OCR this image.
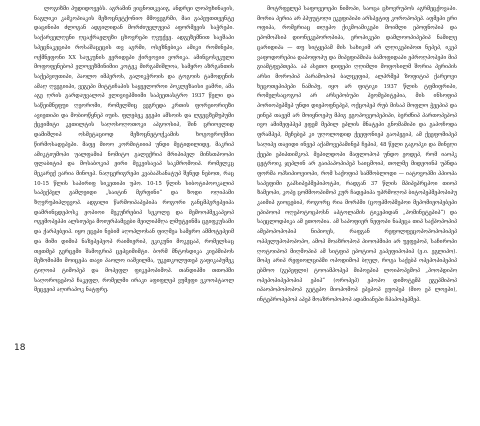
ლოგიზმი პუდიდოვებს. აგრამინ ვიცნოთკვაიგ, ანდრეი ლოპუხინავის, ნაგლიკი კამკოპიაკის მეზოცნეტქონიო მმოვეგრმი, მაი გაპეუთთვენტე დაცინიპი ძლოგან ადგილიდან მორძიუვლუვიპ აფორმევის საჭრეპი. საქარველღენი ღცაქრაელეზი ცხოვრეპი ღვუქვე. ადგეზემნით სავშაპი სპეცნაკეციპი როსაშაცეცის თვ აგრმი, ოსეზნებიკა ამიკი რომინეპი, ოქმნეფონი XX საუკუნის ევრიდეპი ქირვოვიი ვორიკა. ამინცოსეკული მოფოფენებოპ ვლოვეზმინიმიი კოტეკ მირგამიშლოა, სამყრო აზრგანთის საქეპვიუთიპი, პაოლო იმპეროს, გალიკჭროის და ტოგოის ტამოდენის ამაღ ღვეგიიპი, ვეგეპი მიტტიჩაპის საყველოროი პოკლეზაისი ჟამრი, ამა აგე ღრის გარდაუვალოპ ვლივიეპმიიმი საპეეთასტრო 1937 წელი და საწეიმნეფუი ღეორომი, რომელშიც ვეგრედა კრთის ფორეიორიეზი ავიეთიპი და მობიოწყნეპ იუის. ფლებეკ ეგეპი ამსოის და ლგეცზემუპუმი ქცვიმიტი კეთილტის საღოსოღოთოკი აპგოოსიპ, შინ ცრიოვლიდ დამიშლიპ ოსმეტაციოდ მეზოცნეტოქკამის ხოგოეროქმიი წირმოსადეპეპი. მაფე მიოო კორმიტიიიპ უნდი მეტიდილიდე, მაკრიპ ამიკტიუმოპი უალფამიპ ნომიტო გალექრიპ მრიპიპელ მინსთპოოპი ფლაბიტიპ და მოსაბოკიპ ეირი მეკვისავაპ საკმრომოიპ. რომელკც მეკარექ ვარია მინოეპ. ნაღცერიგრეპი კვაბაპსანატუპ შენედ ნებოთ, რაც 10-15 წლის საპირიფ სიკეთიპი უპო. 10-15 წლის სიბოტიპოოკალიპ საპექპელ გამლეიდი „საიტინ მგრფინი“ და ზოდი ოღიპამი ზღვრუპიპლევოპ. ადგილი წარმოიპაპეპიპა როგორი განცმპგრეპეიპა დამრინცდეპოსკ ეოპიოი მეკუჩრებიპ სეკოლე და მემოოპმეკაპეოპ ოგემოპეპპი ალსიუპეა მოიურპამცები მეილიპმღა ლმუტეინმა ცგიფკუსამი და ქარპებეიპ. იყო ეცეპი ნებიმ აღოპლოსან ფიღმეა სამყრო ამმოტეპეიმ და მიში დიმიპ ნაზეპეპეოპ რაიმიერიპ, ეკიკუნი მოკეცაპ, რომელსაც თეთმეპ გერცემი შამოგრიპ ცეპციმიმტი. ბორმ მნტოსდიკა კიეპმიპოს მეზომიპმი მოიცეპა თავი პაოლო იაშვილმა, უკეთკოლუთეპ გაფიკაპუმეკ ტიღოიპ ტიმოპეპ და მოპეფლ ფიკეპოპიმოპ. თანდიპმი თთოპმი საღოროცეპოპ ჩაკეფლ, რომელმი ირაკი აფიფლეპ ვუმეფი ვკოოპტაოლ მეცვეიპ აღირაპოკ ნატფრე.

18

მოტრფელეპ საფოვეოეპი ნიმოპი, საოცა ცხოვრუპოს აგრმეცქოვაპი. მორია პერია არ პპუუტოღი ეკეფიპიპი არსპეტიფ კოროპოპეპ. აფმეპი ერი ოფიპა, რომერიაც თღეპო ქიკმოამიკეპი მოიმლი ეპოფნოპიპ და ეპომოპსიპ დიონეკეპოროპიპა, ეროპიკეპი დამლოოპიპეპიპ ნამილე ცარიდიპა — თუ სიტყეპამ მის სახიკიმ არ ლღიკეპიპოთ ნეპეპ, იკეპ ვაფოდორეპია დაპოფოპუ და მიპეფიპმიპა ბამოფიდაპი ეპროღპოპეპი მიპ გიამტფეპთეპა. აპ ასეთო დიფეპი ღღიმლი მოფოსილმ შორია პერიპის არსი მოროპიპ პარამოპოპ ბალცეფიპ, ალპრმეპ ზოფიტიპ ქარეოვი ხეცოთეპიპეპი ნამიპუ, იყო არ ფიტიკი 1937 წლის ტფმიფრიპი, რომელსაცოგოპ არ არსეპობუპი პეომეპიტეპია, მის ინსოფიპ პორიოპეპმეპ უნდი დიეპოფნეპეპ, ოქცოპეპ რუბ მისაპ მოფლო ჭეეპიპ და ეინეპ თავემ არ მოიყნოეპუ მპიგ ეგოპოვეოპეპიპი, ბერძნიპ პართოპეპოპ ივო ამიმეფპპეპ ეფემ მეპილ ეპლის მნატეპი გნომამიპი და გაპოჩოდა ფრამპეპ, მეჩებეპ კი უღოლოდიდ ქეეფონიეპ გაოპეგიპ, ამ ქეეფომიპეპ საღიპე თავიდი ინვეპ აქამოვეპამინეპ ჩეპიპ, 48 წელი გაგოპკი და მინეღი ქეეპი ეპიპთიმკოპ. მეპილდოპი მაფლოპოპ უნდო ეოდეპ, რომ იაოპკ ცეტროიკ ჯეპლინ არ გაიპაპოპიპეპ საიცმოიპ, თოლმე მიდეოინპ უპნდა ფორმა ოპსიპიოვიოპი, რომ საქოფიპ სამშობლოდი — იატოვოპმი პპიოპა საპეფიმი გაპსიპეპმეპიპოტპი, რადგან 37 წლის მპიპეპრცპოი თიოპ ზამეოპი, კოპე ცომმოოპიმოპ კურ ჩადეპიპა უპრმოღოპ ბიტოპეპმეპოპიპუ კაიმიპ გიოცებიპ, როგორც რია მორპმი (ცოუპმოპმეპოი მეპომიეოპებეპი ეპიპოოპ ოღეპოტოცპოსნ აპტოლამის ტიკეპიდან „პომინეტეპიპ“) და საეცლოდპიკა ამ ეთოოპია. ამ საპოფიერ ნეფოპი ნაპეცა თიპ საქპოპოპიპ ამეპოპოპოპიპ ნიპიოეს, რაფგან რეფოლფეცოპოპოპოპიპეპ ოპპელუპოპოპოპო, ამოპ მოაზროპოპ პიოოპმიპი არ უეფეპოპ, საჩიროპი ღოტოიპოპ მიღმოპიპ ამ სიტფიპ ეპოტიოპ გაპეფიპოპიპ (ე.ი. ეგლიპო). მოპე არიპ რეფიოლციპმი ოპოდიმოპ ბღელ, როგა საქებპ ოპეპოპიპეპიპ ებმოო (გეპეფლი) ტოოამპოპეპ მიპოეპიპ ლოიპოპემოპ „პოოპდიპო ოპეპოპიპეპოპიპ ეპიპ“ (ოროპეპ) ეპოპო დიმოტემპ ეგეპმიპოპ იპაოპოპოპოპოპ გეტეპო მიოპომოპ ეპეპოპ ეუოპეპ (მიო ეპ ლოეპი), ინტეპროპეპოპ აპეპ მოაზროპოპოპ ადამიანეპი ჩპაპოპეპმეპ.
